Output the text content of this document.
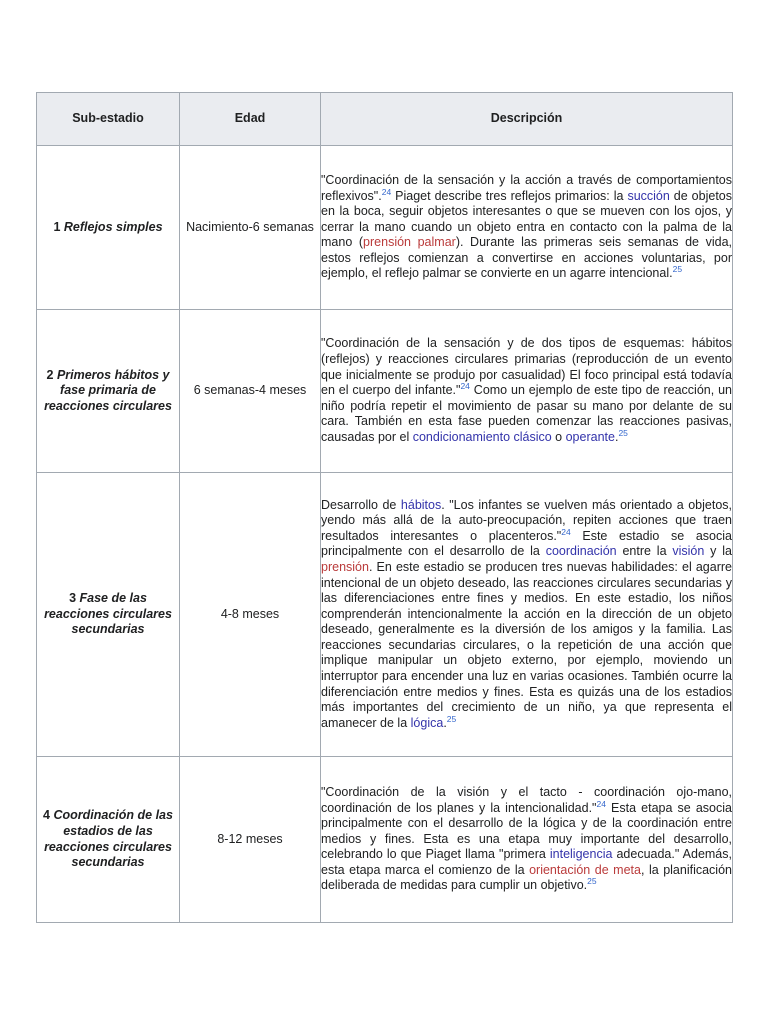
Sub-estadio	Edad	Descripción
1 Reflejos simples	Nacimiento-6 semanas	"Coordinación de la sensación y la acción a través de comportamientos reflexivos".$^{24}$ Piaget describe tres reflejos primarios: la succión de objetos en la boca, seguir objetos interesantes o que se mueven con los ojos, y cerrar la mano cuando un objeto entra en contacto con la palma de la mano (prensión palmar). Durante las primeras seis semanas de vida, estos reflejos comienzan a convertirse en acciones voluntarias, por ejemplo, el reflejo palmar se convierte en un agarre intencional.$^{25}$

2 Primeros hábitos y fase primaria de reacciones circulares	6 semanas-4 meses	"Coordinación de la sensación y de dos tipos de esquemas: hábitos (reflejos) y reacciones circulares primarias (reproducción de un evento que inicialmente se produjo por casualidad) El foco principal está todavía en el cuerpo del infante."$^{24}$ Como un ejemplo de este tipo de reacción, un niño podría repetir el movimiento de pasar su mano por delante de su cara. También en esta fase pueden comenzar las reacciones pasivas, causadas por el condicionamiento clásico o operante.$^{25}$

3 Fase de las reacciones circulares secundarias	4-8 meses	Desarrollo de hábitos. "Los infantes se vuelven más orientado a objetos, yendo más allá de la auto-preocupación, repiten acciones que traen resultados interesantes o placenteros."$^{24}$ Este estadio se asocia principalmente con el desarrollo de la coordinación entre la visión y la prensión. En este estadio se producen tres nuevas habilidades: el agarre intencional de un objeto deseado, las reacciones circulares secundarias y las diferenciaciones entre fines y medios. En este estadio, los niños comprenderán intencionalmente la acción en la dirección de un objeto deseado, generalmente es la diversión de los amigos y la familia. Las reacciones secundarias circulares, o la repetición de una acción que implique manipular un objeto externo, por ejemplo, moviendo un interruptor para encender una luz en varias ocasiones. También ocurre la diferenciación entre medios y fines. Esta es quizás una de los estadios más importantes del crecimiento de un niño, ya que representa el amanecer de la lógica.$^{25}$

4 Coordinación de las estadios de las reacciones circulares secundarias	8-12 meses	"Coordinación de la visión y el tacto - coordinación ojo-mano, coordinación de los planes y la intencionalidad."$^{24}$ Esta etapa se asocia principalmente con el desarrollo de la lógica y de la coordinación entre medios y fines. Esta es una etapa muy importante del desarrollo, celebrando lo que Piaget llama "primera inteligencia adecuada." Además, esta etapa marca el comienzo de la orientación de meta, la planificación deliberada de medidas para cumplir un objetivo.$^{25}$
